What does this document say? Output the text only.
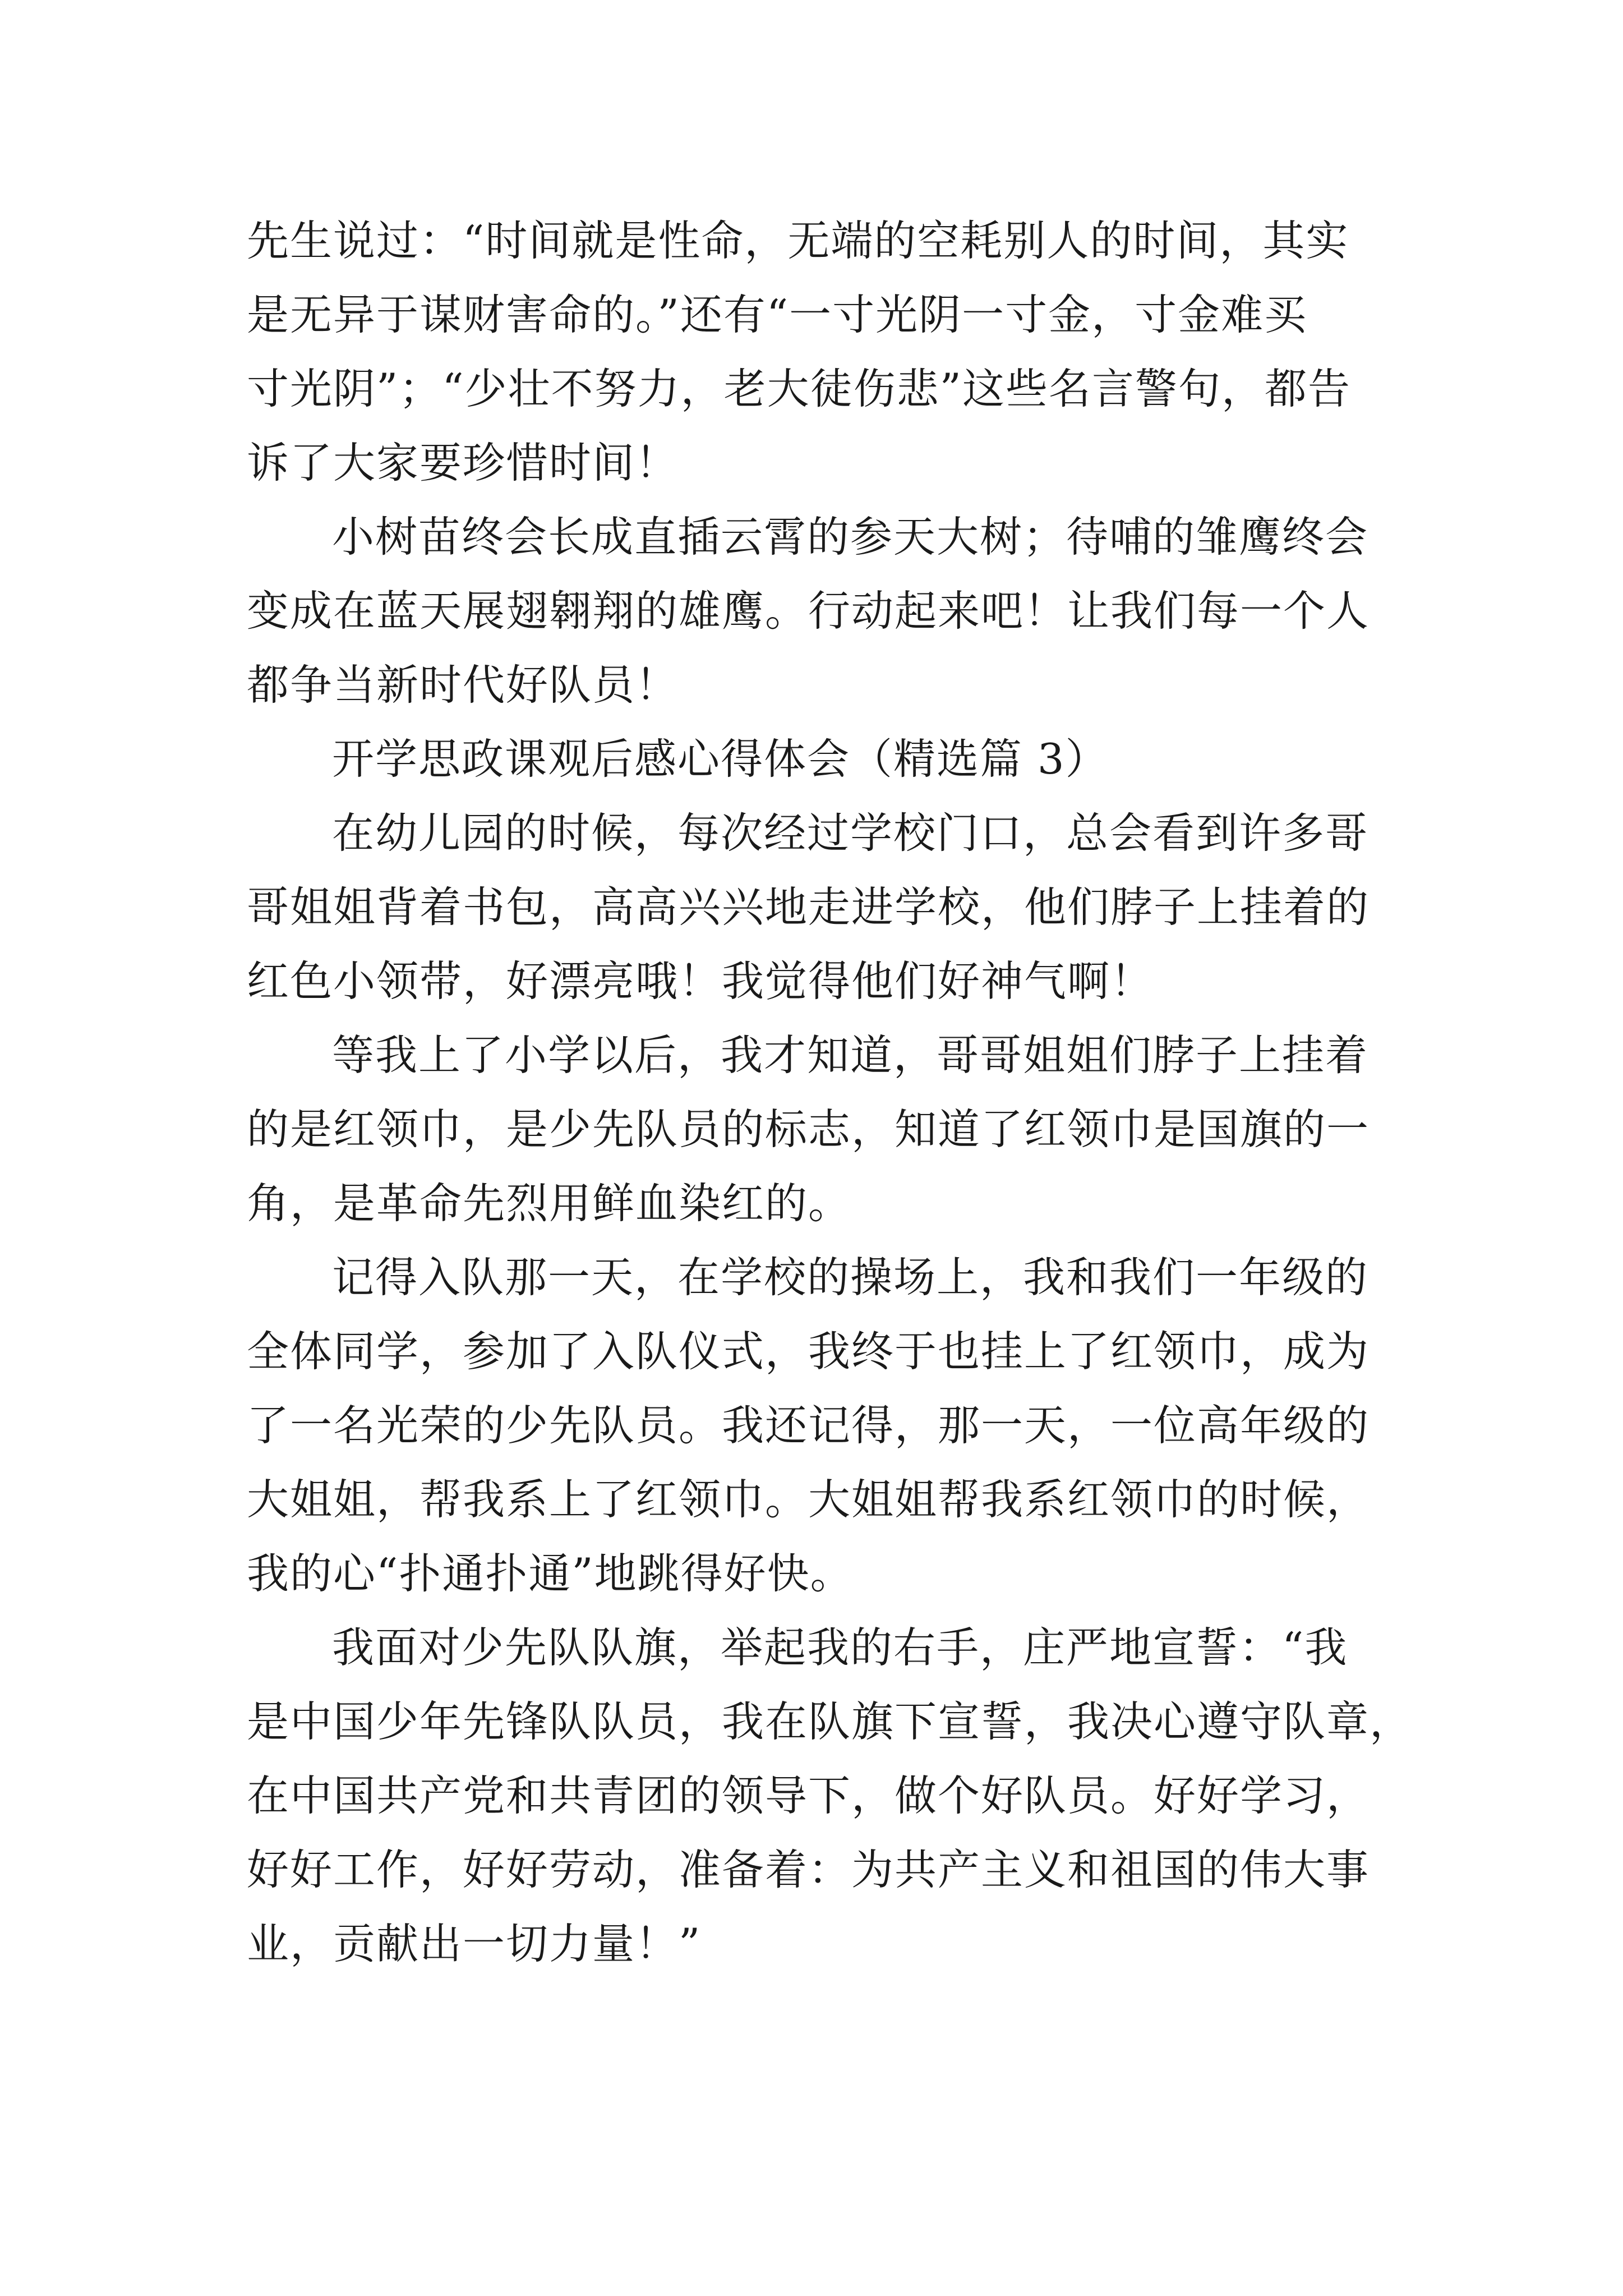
先生说过：“时间就是性命，无端的空耗别人的时间，其实
是无异于谋财害命的。”还有“一寸光阴一寸金，寸金难买
寸光阴”；“少壮不努力，老大徒伤悲”这些名言警句，都告
诉了大家要珍惜时间！
小树苗终会长成直插云霄的参天大树；待哺的雏鹰终会
变成在蓝天展翅翱翔的雄鹰。行动起来吧！让我们每一个人
都争当新时代好队员！
开学思政课观后感心得体会（精选篇 3）
在幼儿园的时候，每次经过学校门口，总会看到许多哥
哥姐姐背着书包，高高兴兴地走进学校，他们脖子上挂着的
红色小领带，好漂亮哦！我觉得他们好神气啊！
等我上了小学以后，我才知道，哥哥姐姐们脖子上挂着
的是红领巾，是少先队员的标志，知道了红领巾是国旗的一
角，是革命先烈用鲜血染红的。
记得入队那一天，在学校的操场上，我和我们一年级的
全体同学，参加了入队仪式，我终于也挂上了红领巾，成为
了一名光荣的少先队员。我还记得，那一天，一位高年级的
大姐姐，帮我系上了红领巾。大姐姐帮我系红领巾的时候，
我的心“扑通扑通”地跳得好快。
我面对少先队队旗，举起我的右手，庄严地宣誓：“我
是中国少年先锋队队员，我在队旗下宣誓，我决心遵守队章，
在中国共产党和共青团的领导下，做个好队员。好好学习，
好好工作，好好劳动，准备着：为共产主义和祖国的伟大事
业，贡献出一切力量！”
